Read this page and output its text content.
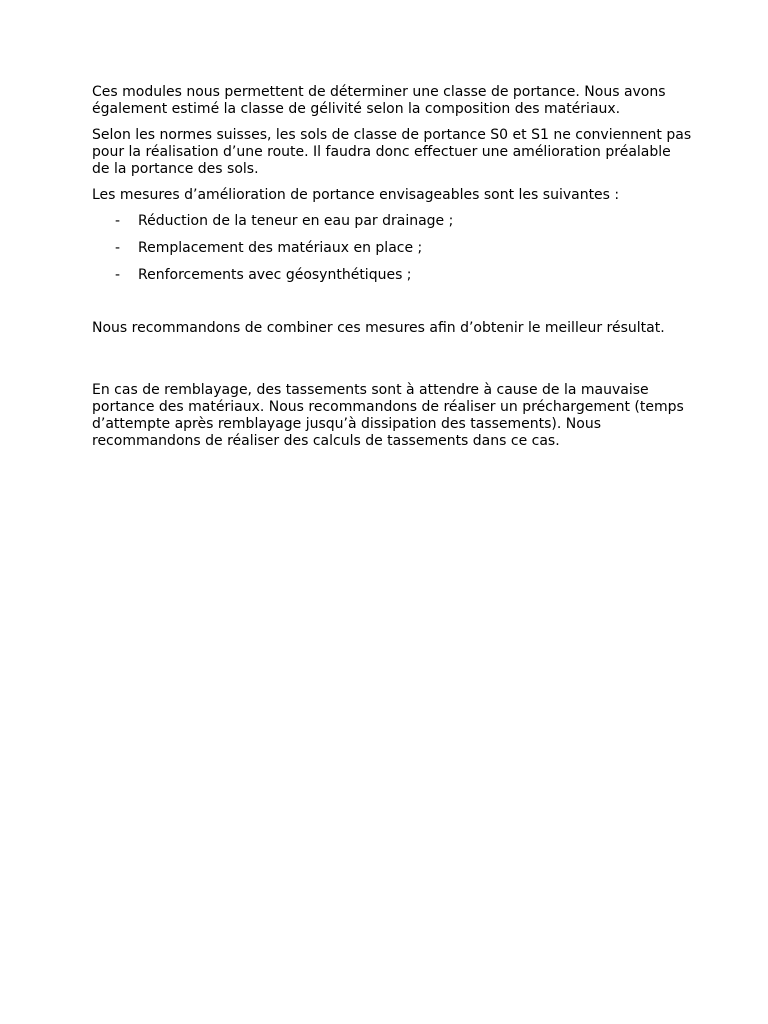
Ces modules nous permettent de déterminer une classe de portance. Nous avons également estimé la classe de gélivité selon la composition des matériaux.

Selon les normes suisses, les sols de classe de portance S0 et S1 ne conviennent pas pour la réalisation d’une route. Il faudra donc effectuer une amélioration préalable de la portance des sols.

Les mesures d’amélioration de portance envisageables sont les suivantes :

- Réduction de la teneur en eau par drainage ;
- Remplacement des matériaux en place ;
- Renforcements avec géosynthétiques ;

Nous recommandons de combiner ces mesures afin d’obtenir le meilleur résultat.

En cas de remblayage, des tassements sont à attendre à cause de la mauvaise portance des matériaux. Nous recommandons de réaliser un préchargement (temps d’attempte après remblayage jusqu’à dissipation des tassements). Nous recommandons de réaliser des calculs de tassements dans ce cas.
